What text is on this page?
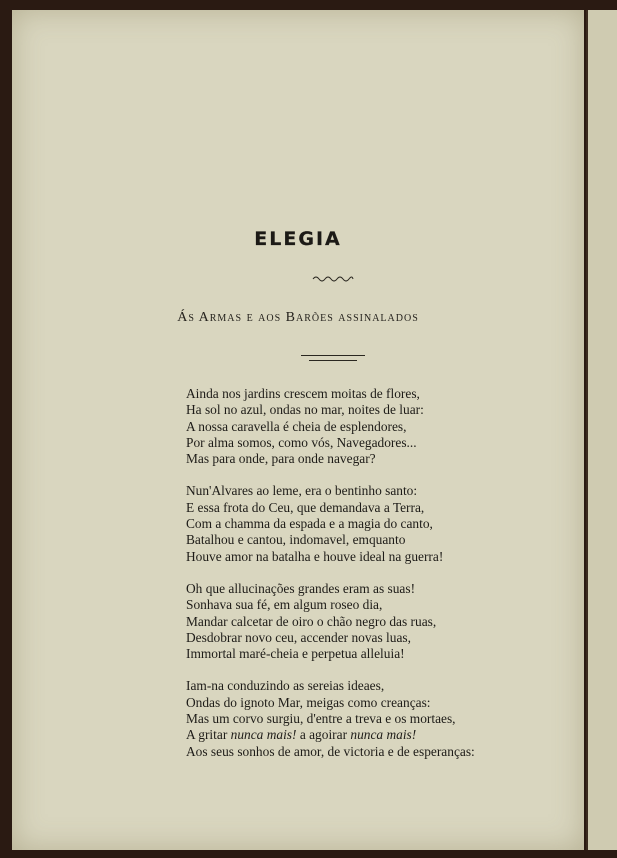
ELEGIA
Ás Armas e aos Barões assinalados
Ainda nos jardins crescem moitas de flores,
Ha sol no azul, ondas no mar, noites de luar:
A nossa caravella é cheia de esplendores,
Por alma somos, como vós, Navegadores...
Mas para onde, para onde navegar?
Nun'Alvares ao leme, era o bentinho santo:
E essa frota do Ceu, que demandava a Terra,
Com a chamma da espada e a magia do canto,
Batalhou e cantou, indomavel, emquanto
Houve amor na batalha e houve ideal na guerra!
Oh que allucinações grandes eram as suas!
Sonhava sua fé, em algum roseo dia,
Mandar calcetar de oiro o chão negro das ruas,
Desdobrar novo ceu, accender novas luas,
Immortal maré-cheia e perpetua alleluia!
Iam-na conduzindo as sereias ideaes,
Ondas do ignoto Mar, meigas como creanças:
Mas um corvo surgiu, d'entre a treva e os mortaes,
A gritar nunca mais! a agoirar nunca mais!
Aos seus sonhos de amor, de victoria e de esperanças:
